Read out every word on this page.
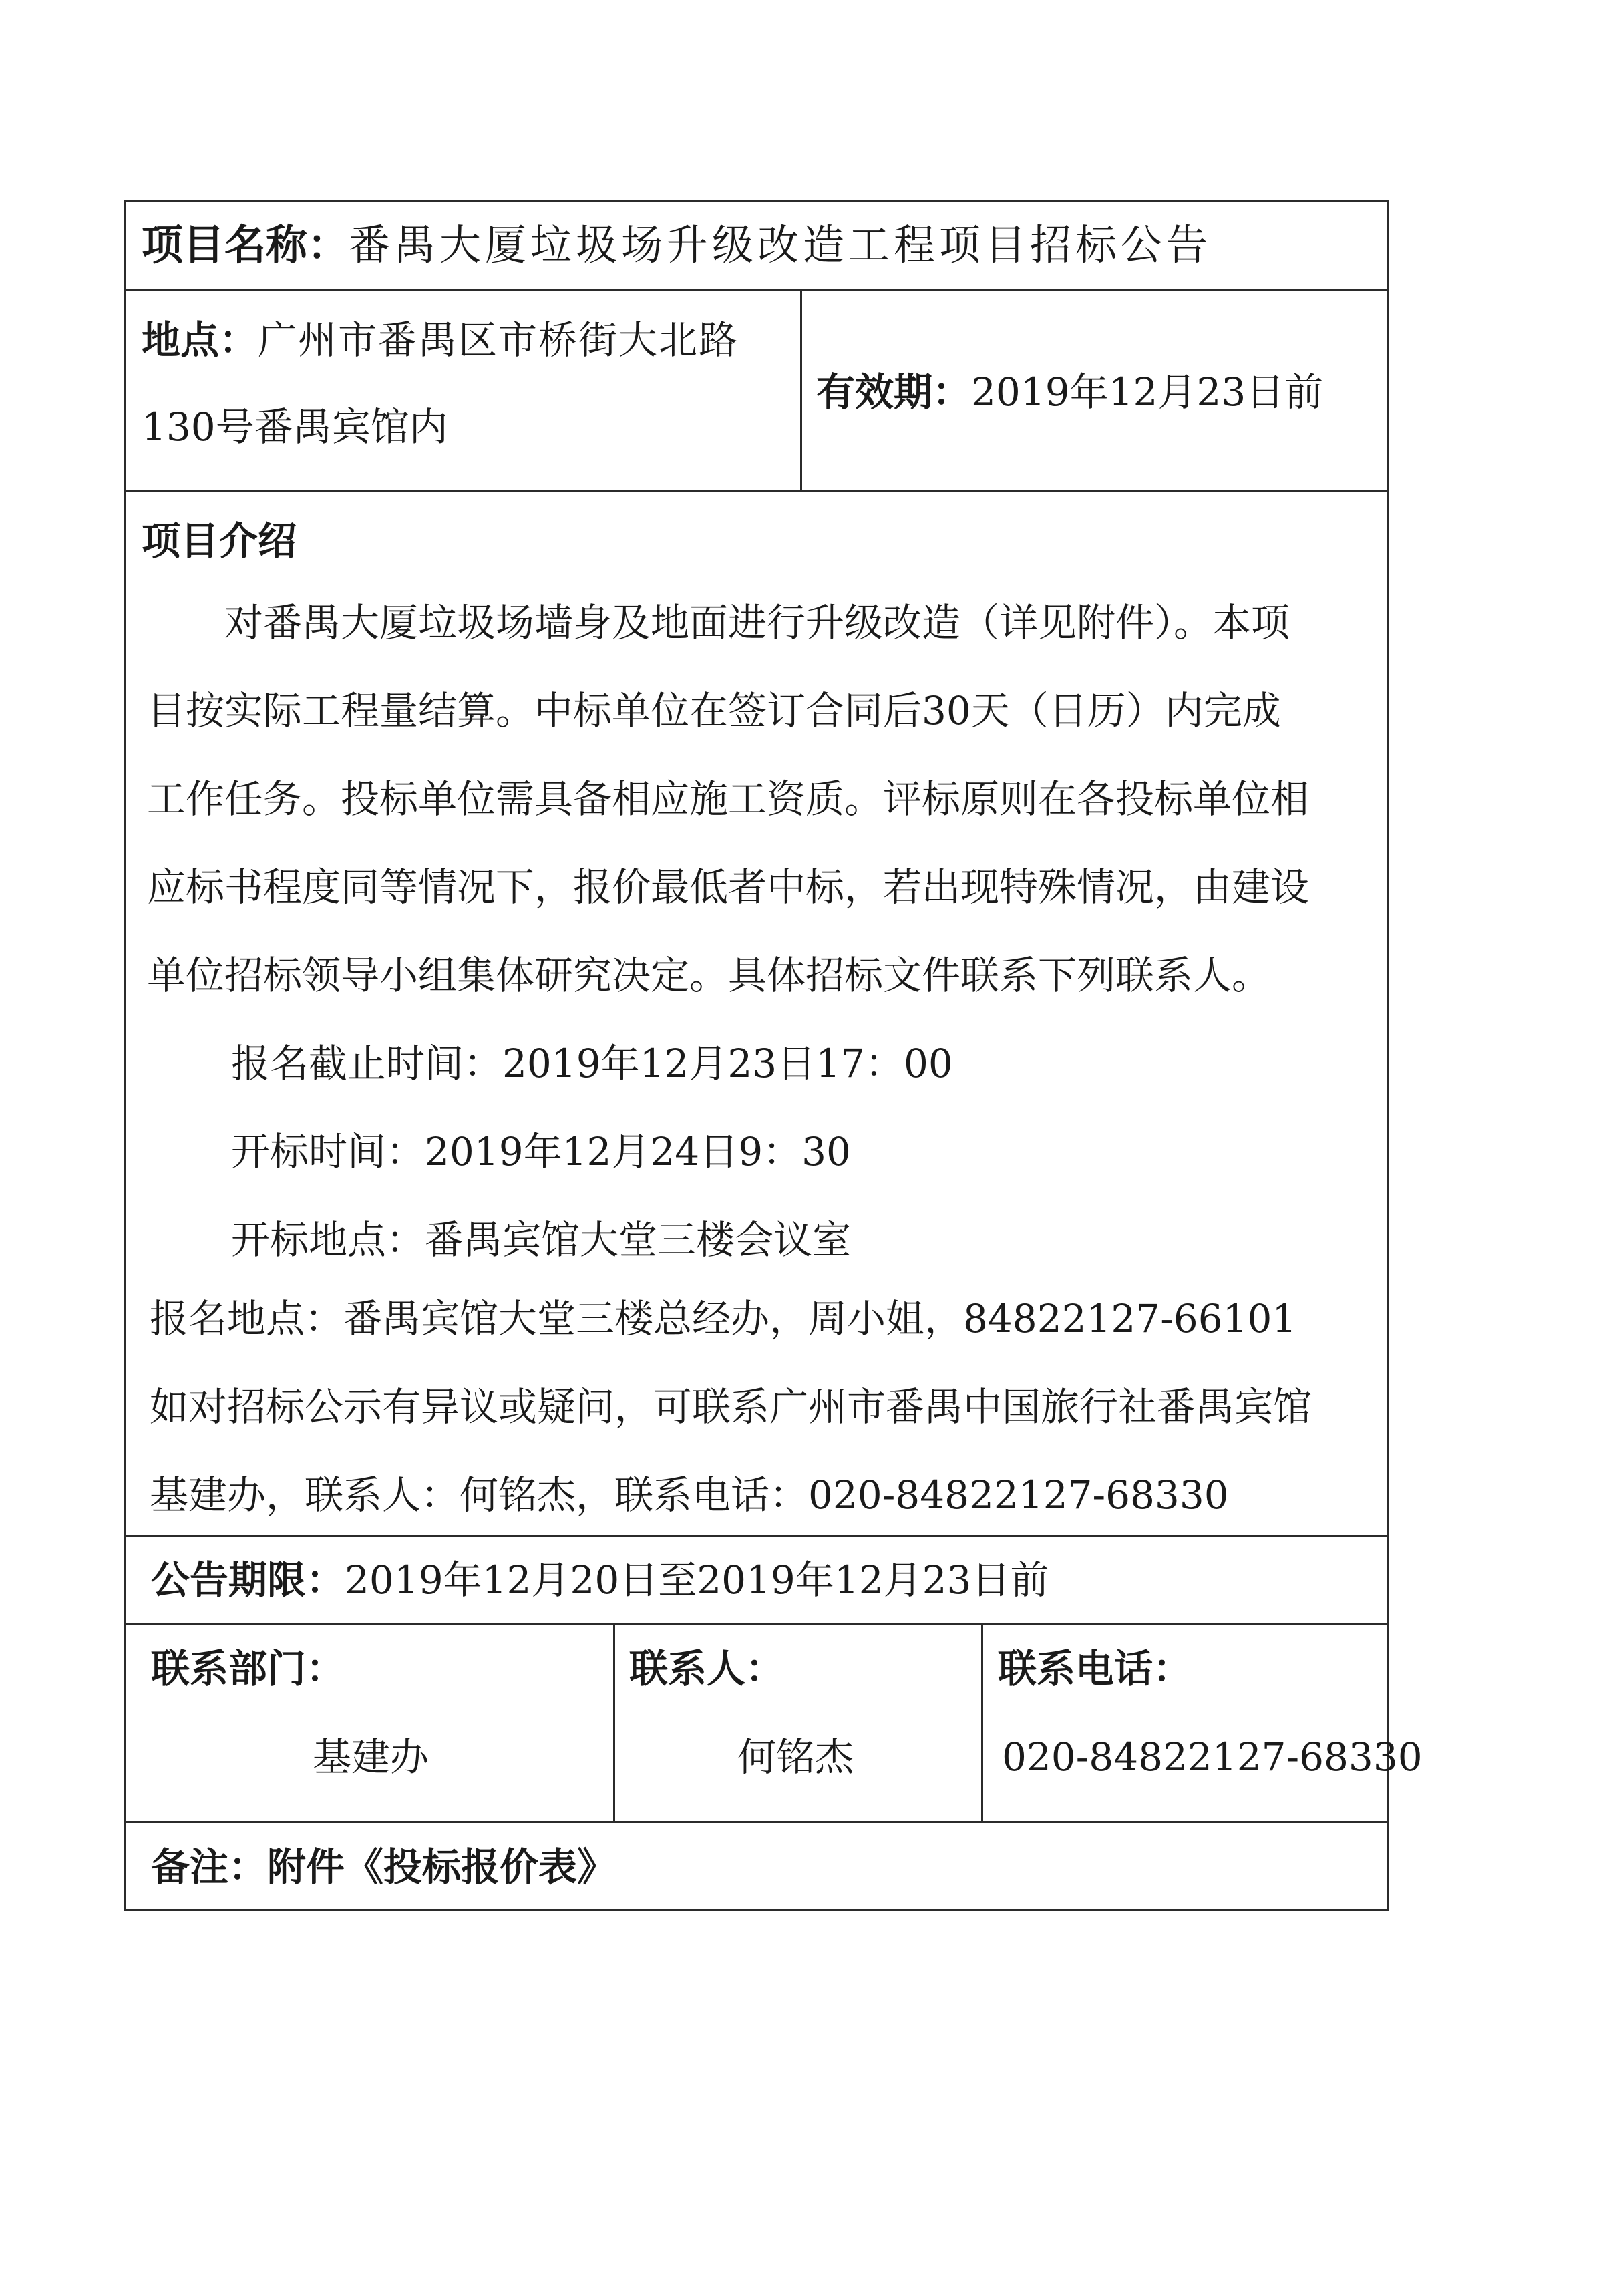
项目名称：番禺大厦垃圾场升级改造工程项目招标公告
地点：广州市番禺区市桥街大北路
130号番禺宾馆内
有效期：2019年12月23日前
项目介绍
对番禺大厦垃圾场墙身及地面进行升级改造（详见附件）。本项
目按实际工程量结算。中标单位在签订合同后30天（日历）内完成
工作任务。投标单位需具备相应施工资质。评标原则在各投标单位相
应标书程度同等情况下，报价最低者中标，若出现特殊情况，由建设
单位招标领导小组集体研究决定。具体招标文件联系下列联系人。
报名截止时间：2019年12月23日17：00
开标时间：2019年12月24日9：30
开标地点：番禺宾馆大堂三楼会议室
报名地点：番禺宾馆大堂三楼总经办，周小姐，84822127-66101
如对招标公示有异议或疑问，可联系广州市番禺中国旅行社番禺宾馆
基建办，联系人：何铭杰，联系电话：020-84822127-68330
公告期限：2019年12月20日至2019年12月23日前
联系部门：
基建办
联系人：
何铭杰
联系电话：
020-84822127-68330
备注：附件《投标报价表》
